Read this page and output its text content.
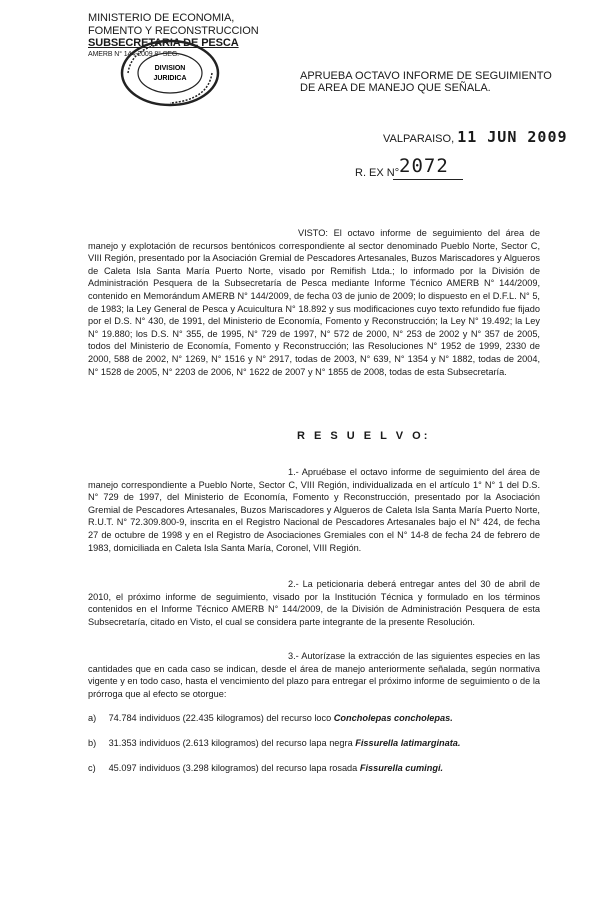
MINISTERIO DE ECONOMIA,
FOMENTO Y RECONSTRUCCION
SUBSECRETARIA DE PESCA
AMERB N° 144-2009 8° SEG.
DIVISION
JURIDICA	APRUEBA OCTAVO INFORME DE SEGUIMIENTO
DE AREA DE MANEJO QUE SEÑALA.
VALPARAISO, 11 JUN 2009
R. EX N° 2072
VISTO: El octavo informe de seguimiento del área de manejo y explotación de recursos bentónicos correspondiente al sector denominado Pueblo Norte, Sector C, VIII Región, presentado por la Asociación Gremial de Pescadores Artesanales, Buzos Mariscadores y Algueros de Caleta Isla Santa María Puerto Norte, visado por Remifish Ltda.; lo informado por la División de Administración Pesquera de la Subsecretaría de Pesca mediante Informe Técnico AMERB N° 144/2009, contenido en Memorándum AMERB N° 144/2009, de fecha 03 de junio de 2009; lo dispuesto en el D.F.L. N° 5, de 1983; la Ley General de Pesca y Acuicultura N° 18.892 y sus modificaciones cuyo texto refundido fue fijado por el D.S. N° 430, de 1991, del Ministerio de Economía, Fomento y Reconstrucción; la Ley N° 19.492; la Ley N° 19.880; los D.S. N° 355, de 1995, N° 729 de 1997, N° 572 de 2000, N° 253 de 2002 y N° 357 de 2005, todos del Ministerio de Economía, Fomento y Reconstrucción; las Resoluciones N° 1952 de 1999, 2330 de 2000, 588 de 2002, N° 1269, N° 1516 y N° 2917, todas de 2003, N° 639, N° 1354 y N° 1882, todas de 2004, N° 1528 de 2005, N° 2203 de 2006, N° 1622 de 2007 y N° 1855 de 2008, todas de esta Subsecretaría.
R E S U E L V O:
1.- Apruébase el octavo informe de seguimiento del área de manejo correspondiente a Pueblo Norte, Sector C, VIII Región, individualizada en el artículo 1° N° 1 del D.S. N° 729 de 1997, del Ministerio de Economía, Fomento y Reconstrucción, presentado por la Asociación Gremial de Pescadores Artesanales, Buzos Mariscadores y Algueros de Caleta Isla Santa María Puerto Norte, R.U.T. N° 72.309.800-9, inscrita en el Registro Nacional de Pescadores Artesanales bajo el N° 424, de fecha 27 de octubre de 1998 y en el Registro de Asociaciones Gremiales con el N° 14-8 de fecha 24 de febrero de 1983, domiciliada en Caleta Isla Santa María, Coronel, VIII Región.
2.- La peticionaria deberá entregar antes del 30 de abril de 2010, el próximo informe de seguimiento, visado por la Institución Técnica y formulado en los términos contenidos en el Informe Técnico AMERB N° 144/2009, de la División de Administración Pesquera de esta Subsecretaría, citado en Visto, el cual se considera parte integrante de la presente Resolución.
3.- Autorízase la extracción de las siguientes especies en las cantidades que en cada caso se indican, desde el área de manejo anteriormente señalada, según normativa vigente y en todo caso, hasta el vencimiento del plazo para entregar el próximo informe de seguimiento o de la prórroga que al efecto se otorgue:
a) 74.784 individuos (22.435 kilogramos) del recurso loco Concholepas concholepas.
b) 31.353 individuos (2.613 kilogramos) del recurso lapa negra Fissurella latimarginata.
c) 45.097 individuos (3.298 kilogramos) del recurso lapa rosada Fissurella cumingi.
